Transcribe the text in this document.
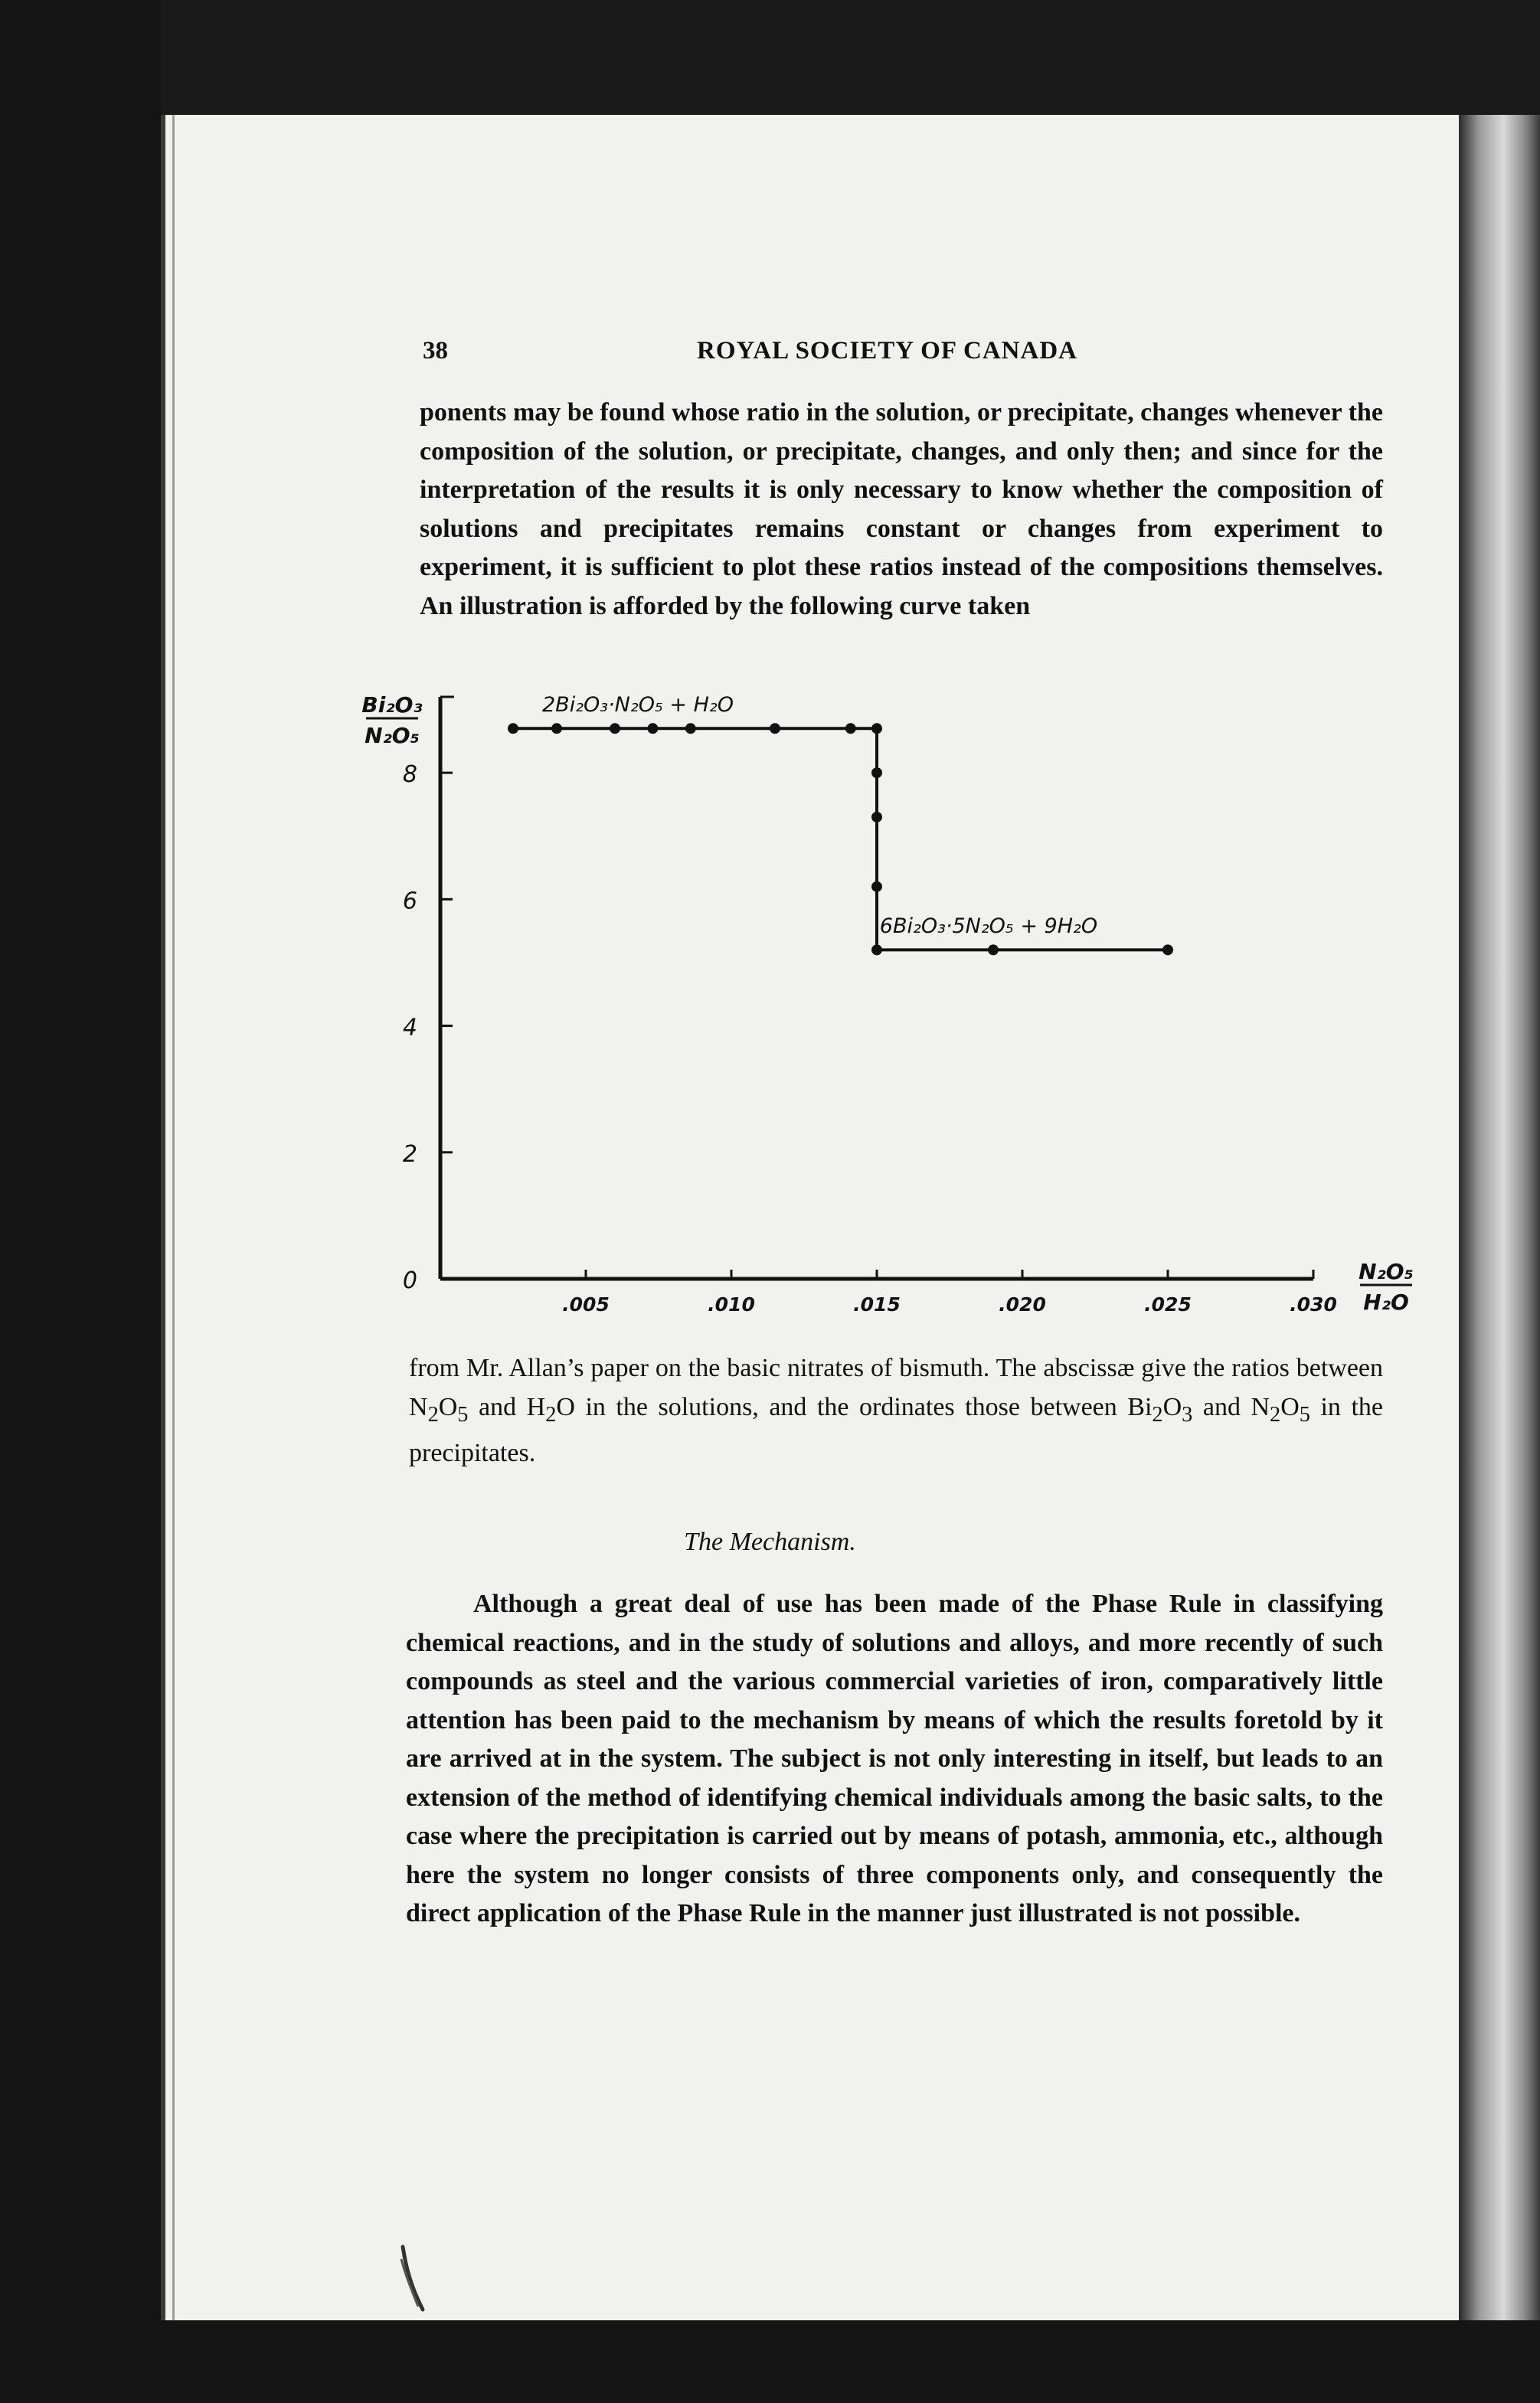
38	ROYAL SOCIETY OF CANADA

ponents may be found whose ratio in the solution, or precipitate, changes whenever the composition of the solution, or precipitate, changes, and only then; and since for the interpretation of the results it is only necessary to know whether the composition of solutions and precipitates remains constant or changes from experiment to experiment, it is sufficient to plot these ratios instead of the compositions themselves. An illustration is afforded by the following curve taken

0
2
4
6
8
.005	.010	.015	.020	.025	.030
Bi₂O₃
N₂O₅
N₂O₅
H₂O
2Bi₂O₃·N₂O₅ + H₂O
6Bi₂O₃·5N₂O₅ + 9H₂O

from Mr. Allan’s paper on the basic nitrates of bismuth. The abscissæ give the ratios between $N_2O_5$ and $H_2O$ in the solutions, and the ordinates those between $Bi_2O_3$ and $N_2O_5$ in the precipitates.

The Mechanism.

Although a great deal of use has been made of the Phase Rule in classifying chemical reactions, and in the study of solutions and alloys, and more recently of such compounds as steel and the various commercial varieties of iron, comparatively little attention has been paid to the mechanism by means of which the results foretold by it are arrived at in the system. The subject is not only interesting in itself, but leads to an extension of the method of identifying chemical individuals among the basic salts, to the case where the precipitation is carried out by means of potash, ammonia, etc., although here the system no longer consists of three components only, and consequently the direct application of the Phase Rule in the manner just illustrated is not possible.
